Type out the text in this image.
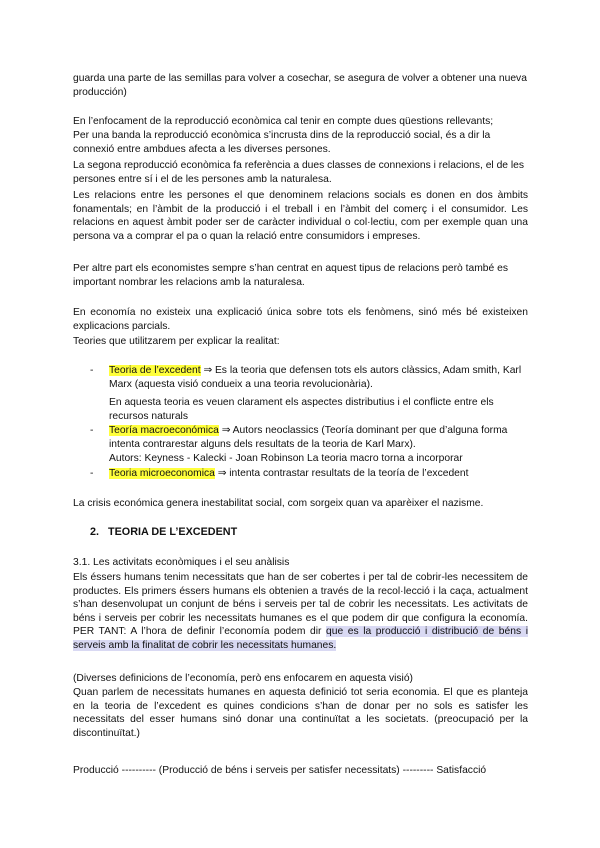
guarda una parte de las semillas para volver a cosechar, se asegura de volver a obtener una nueva producción)

En l’enfocament de la reproducció econòmica cal tenir en compte dues qüestions rellevants;

Per una banda la reproducció econòmica s’incrusta dins de la reproducció social, és a dir la connexió entre ambdues afecta a les diverses persones.

La segona reproducció econòmica fa referència a dues classes de connexions i relacions, el de les persones entre sí i el de les persones amb la naturalesa.

Les relacions entre les persones el que denominem relacions socials es donen en dos àmbits fonamentals; en l’àmbit de la producció i el treball i en l’àmbit del comerç i el consumidor. Les relacions en aquest àmbit poder ser de caràcter individual o col·lectiu, com per exemple quan una persona va a comprar el pa o quan la relació entre consumidors i empreses.

Per altre part els economistes sempre s’han centrat en aquest tipus de relacions però també es important nombrar les relacions amb la naturalesa.

En economía no existeix una explicació única sobre tots els fenòmens, sinó més bé existeixen explicacions parcials.

Teories que utilitzarem per explicar la realitat:

- Teoria de l’excedent ⇒ Es la teoria que defensen tots els autors clàssics, Adam smith, Karl Marx (aquesta visió condueix a una teoria revolucionària).

En aquesta teoria es veuen clarament els aspectes distributius i el conflicte entre els recursos naturals

- Teoría macroeconómica ⇒ Autors neoclassics (Teoría dominant per que d’alguna forma intenta contrarestar alguns dels resultats de la teoria de Karl Marx).

Autors: Keyness - Kalecki - Joan Robinson La teoria macro torna a incorporar

- Teoria microeconomica ⇒ intenta contrastar resultats de la teoría de l’excedent

La crisis económica genera inestabilitat social, com sorgeix quan va aparèixer el nazisme.

2. TEORIA DE L’EXCEDENT

3.1. Les activitats econòmiques i el seu anàlisis

Els éssers humans tenim necessitats que han de ser cobertes i per tal de cobrir-les necessitem de productes. Els primers éssers humans els obtenien a través de la recol·lecció i la caça, actualment s’han desenvolupat un conjunt de béns i serveis per tal de cobrir les necessitats. Les activitats de béns i serveis per cobrir les necessitats humanes es el que podem dir que configura la economía. PER TANT: A l’hora de definir l’economía podem dir que es la producció i distribució de béns i serveis amb la finalitat de cobrir les necessitats humanes.

(Diverses definicions de l’economía, però ens enfocarem en aquesta visió)

Quan parlem de necessitats humanes en aquesta definició tot seria economia. El que es planteja en la teoria de l’excedent es quines condicions s’han de donar per no sols es satisfer les necessitats del esser humans sinó donar una continuïtat a les societats. (preocupació per la discontinuïtat.)

Producció ---------- (Producció de béns i serveis per satisfer necessitats) --------- Satisfacció
